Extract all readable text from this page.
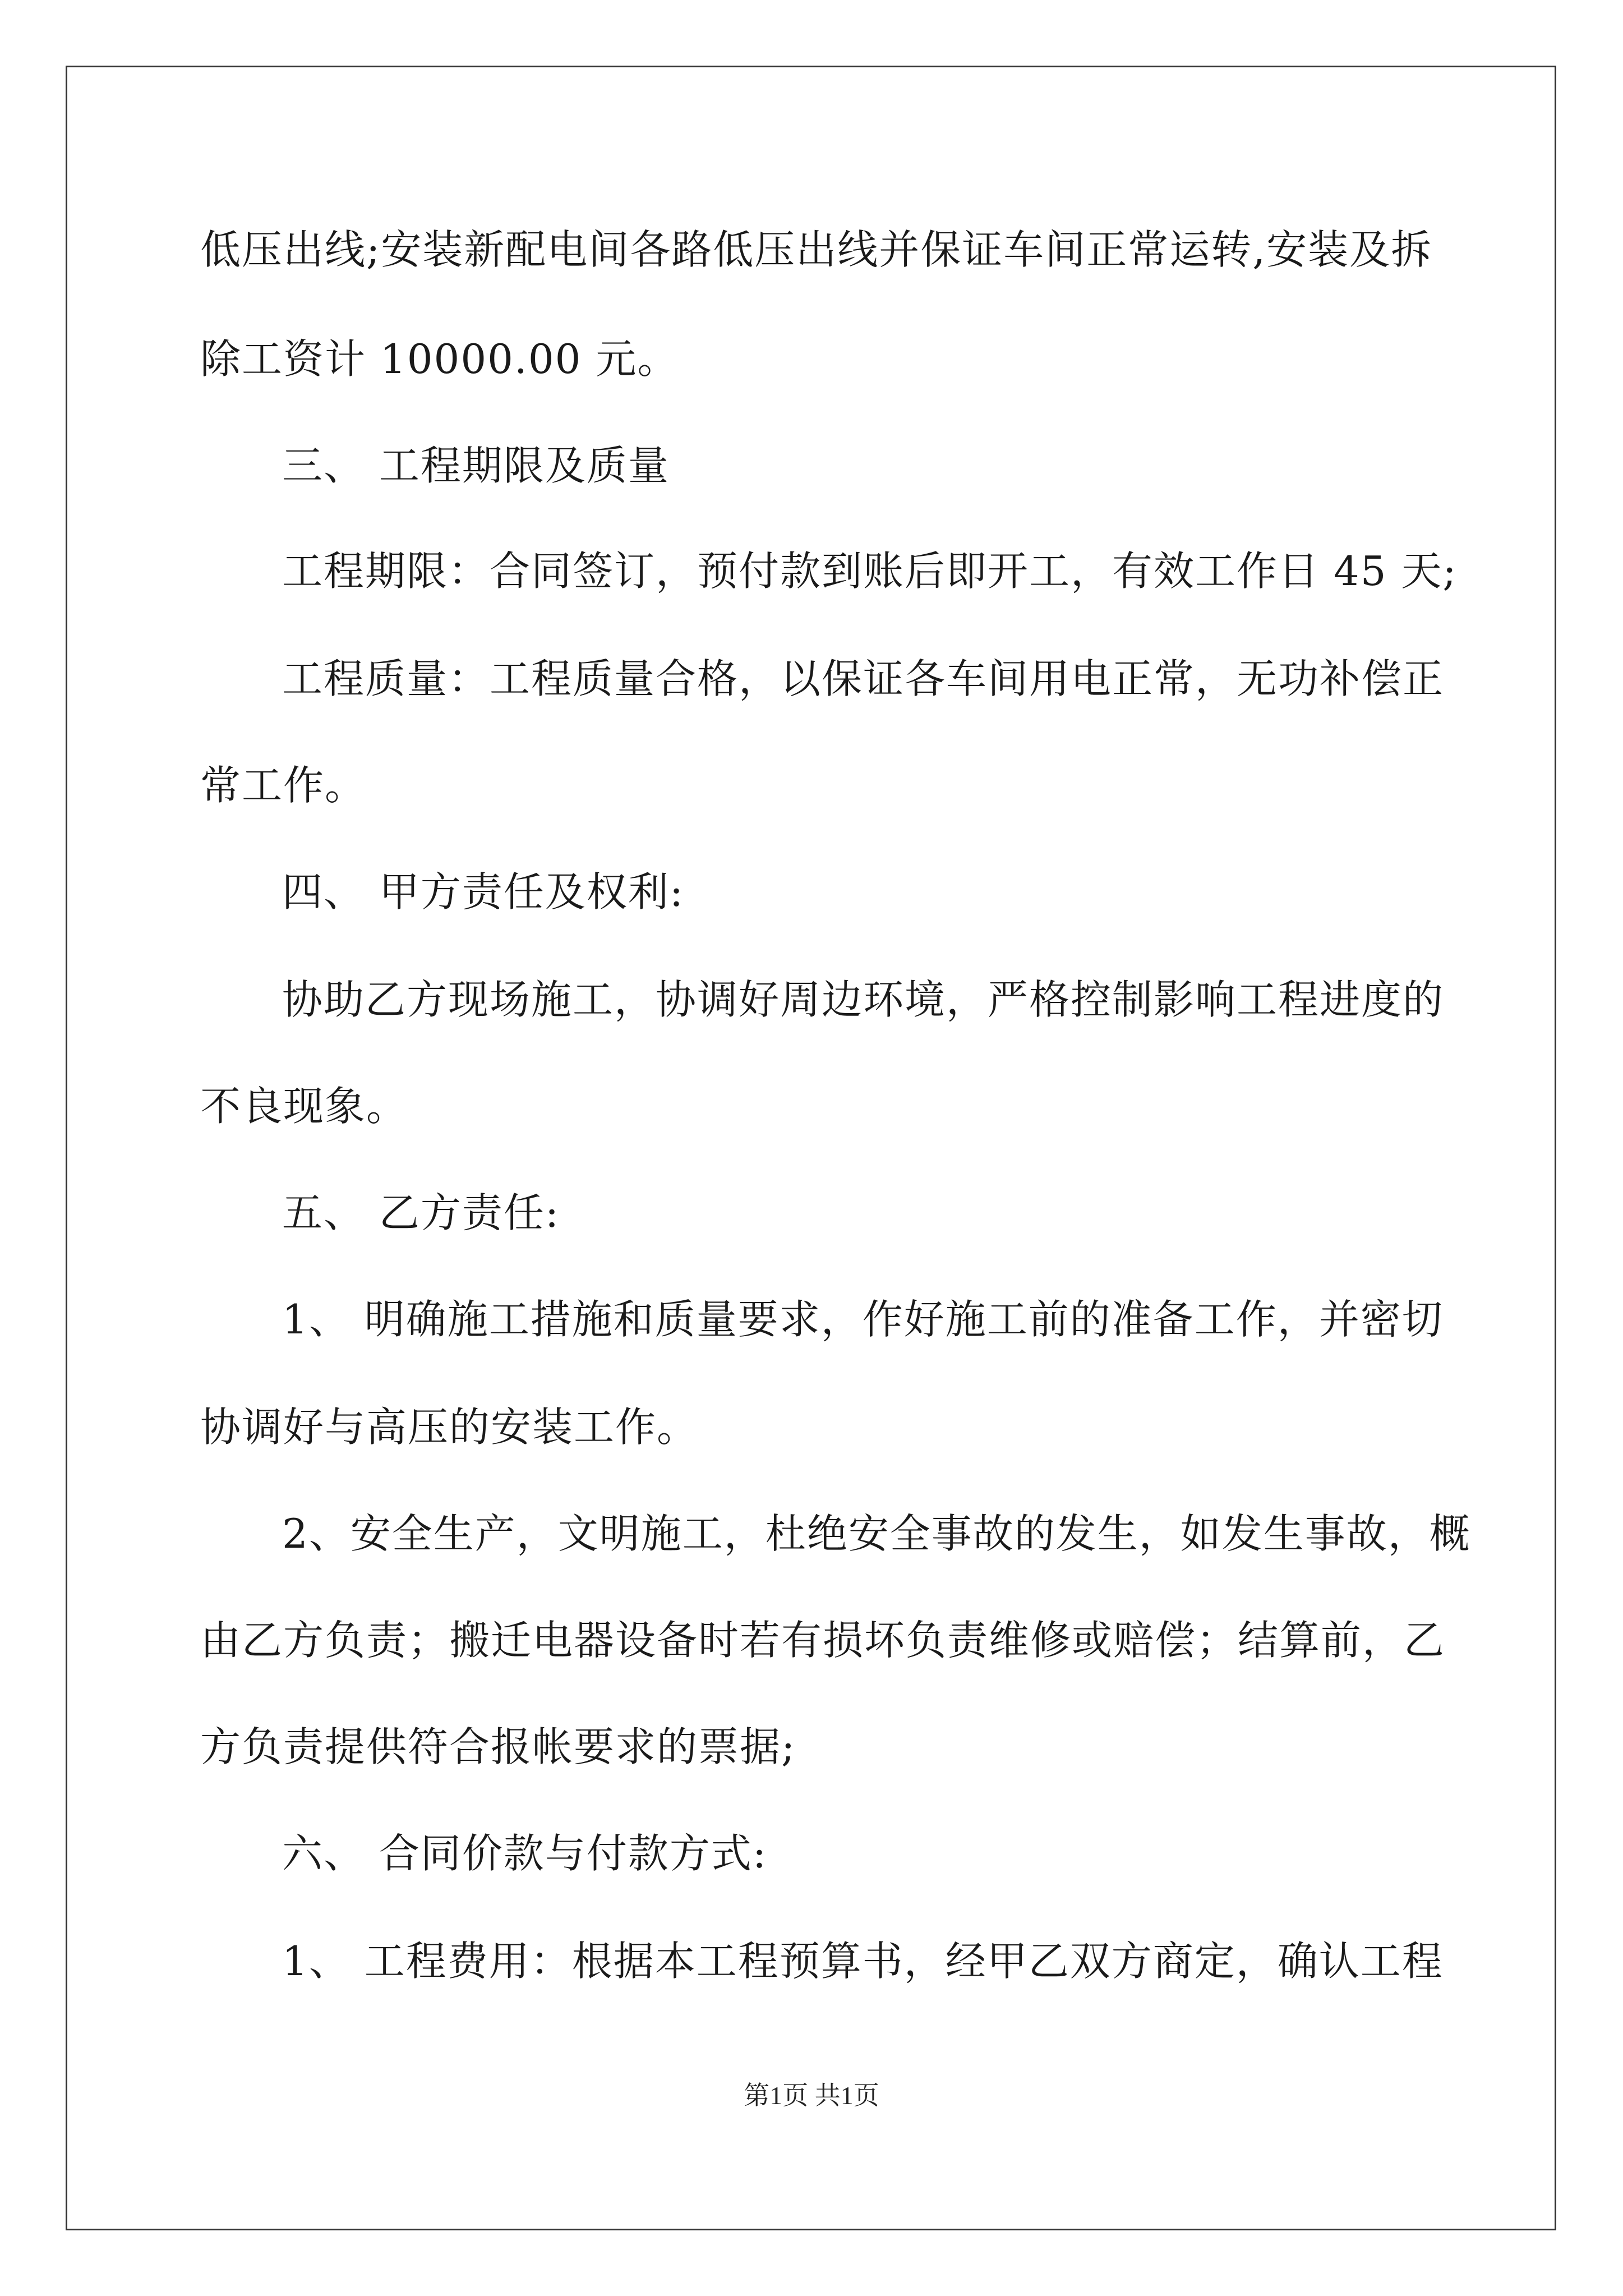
低压出线;安装新配电间各路低压出线并保证车间正常运转,安装及拆
除工资计 10000.00 元。
三、 工程期限及质量
工程期限：合同签订，预付款到账后即开工，有效工作日 45 天;
工程质量：工程质量合格，以保证各车间用电正常，无功补偿正
常工作。
四、 甲方责任及权利:
协助乙方现场施工，协调好周边环境，严格控制影响工程进度的
不良现象。
五、 乙方责任:
1、 明确施工措施和质量要求，作好施工前的准备工作，并密切
协调好与高压的安装工作。
2、安全生产，文明施工，杜绝安全事故的发生，如发生事故，概
由乙方负责；搬迁电器设备时若有损坏负责维修或赔偿；结算前，乙
方负责提供符合报帐要求的票据;
六、 合同价款与付款方式:
1、 工程费用：根据本工程预算书，经甲乙双方商定，确认工程
第1页 共1页
